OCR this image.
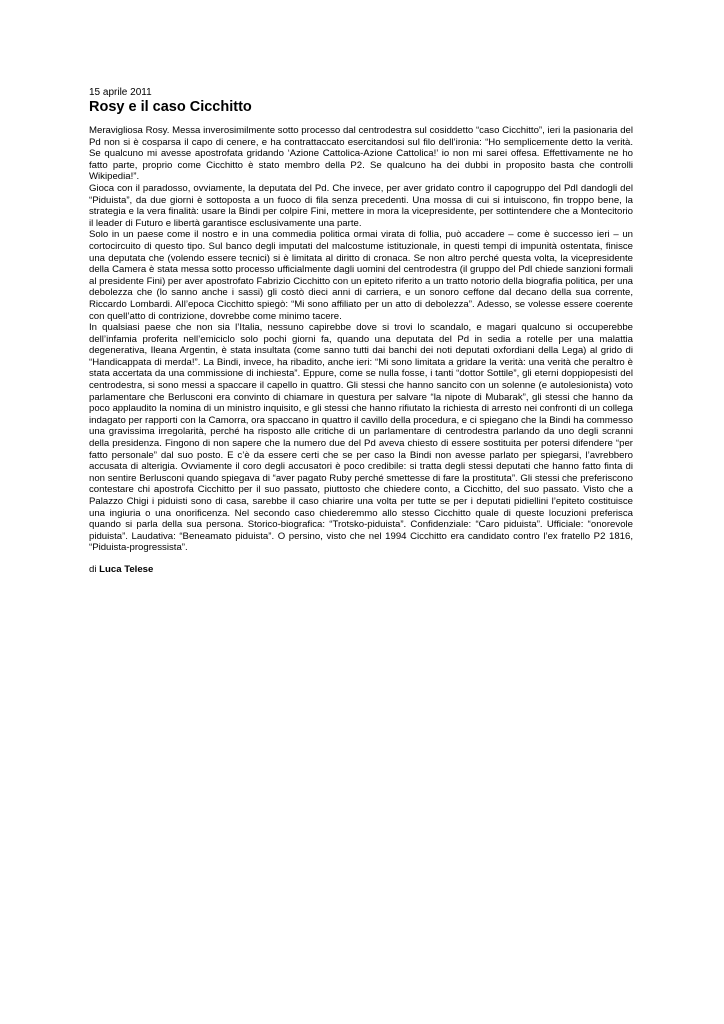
15 aprile 2011

Rosy e il caso Cicchitto

Meravigliosa Rosy. Messa inverosimilmente sotto processo dal centrodestra sul cosiddetto “caso Cicchitto”, ieri la pasionaria del Pd non si è cosparsa il capo di cenere, e ha contrattaccato esercitandosi sul filo dell’ironia: “Ho semplicemente detto la verità. Se qualcuno mi avesse apostrofata gridando ‘Azione Cattolica-Azione Cattolica!’ io non mi sarei offesa. Effettivamente ne ho fatto parte, proprio come Cicchitto è stato membro della P2. Se qualcuno ha dei dubbi in proposito basta che controlli Wikipedia!”.

Gioca con il paradosso, ovviamente, la deputata del Pd. Che invece, per aver gridato contro il capogruppo del Pdl dandogli del “Piduista”, da due giorni è sottoposta a un fuoco di fila senza precedenti. Una mossa di cui si intuiscono, fin troppo bene, la strategia e la vera finalità: usare la Bindi per colpire Fini, mettere in mora la vicepresidente, per sottintendere che a Montecitorio il leader di Futuro e libertà garantisce esclusivamente una parte.

Solo in un paese come il nostro e in una commedia politica ormai virata di follia, può accadere – come è successo ieri – un cortocircuito di questo tipo. Sul banco degli imputati del malcostume istituzionale, in questi tempi di impunità ostentata, finisce una deputata che (volendo essere tecnici) si è limitata al diritto di cronaca. Se non altro perché questa volta, la vicepresidente della Camera è stata messa sotto processo ufficialmente dagli uomini del centrodestra (il gruppo del Pdl chiede sanzioni formali al presidente Fini) per aver apostrofato Fabrizio Cicchitto con un epiteto riferito a un tratto notorio della biografia politica, per una debolezza che (lo sanno anche i sassi) gli costò dieci anni di carriera, e un sonoro ceffone dal decano della sua corrente, Riccardo Lombardi. All’epoca Cicchitto spiegò: “Mi sono affiliato per un atto di debolezza”. Adesso, se volesse essere coerente con quell’atto di contrizione, dovrebbe come minimo tacere.

In qualsiasi paese che non sia l’Italia, nessuno capirebbe dove si trovi lo scandalo, e magari qualcuno si occuperebbe dell’infamia proferita nell’emiciclo solo pochi giorni fa, quando una deputata del Pd in sedia a rotelle per una malattia degenerativa, Ileana Argentin, è stata insultata (come sanno tutti dai banchi dei noti deputati oxfordiani della Lega) al grido di “Handicappata di merda!”. La Bindi, invece, ha ribadito, anche ieri: “Mi sono limitata a gridare la verità: una verità che peraltro è stata accertata da una commissione di inchiesta”. Eppure, come se nulla fosse, i tanti “dottor Sottile”, gli eterni doppiopesisti del centrodestra, si sono messi a spaccare il capello in quattro. Gli stessi che hanno sancito con un solenne (e autolesionista) voto parlamentare che Berlusconi era convinto di chiamare in questura per salvare “la nipote di Mubarak”, gli stessi che hanno da poco applaudito la nomina di un ministro inquisito, e gli stessi che hanno rifiutato la richiesta di arresto nei confronti di un collega indagato per rapporti con la Camorra, ora spaccano in quattro il cavillo della procedura, e ci spiegano che la Bindi ha commesso una gravissima irregolarità, perché ha risposto alle critiche di un parlamentare di centrodestra parlando da uno degli scranni della presidenza. Fingono di non sapere che la numero due del Pd aveva chiesto di essere sostituita per potersi difendere “per fatto personale” dal suo posto. E c’è da essere certi che se per caso la Bindi non avesse parlato per spiegarsi, l’avrebbero accusata di alterigia. Ovviamente il coro degli accusatori è poco credibile: si tratta degli stessi deputati che hanno fatto finta di non sentire Berlusconi quando spiegava di “aver pagato Ruby perché smettesse di fare la prostituta”. Gli stessi che preferiscono contestare chi apostrofa Cicchitto per il suo passato, piuttosto che chiedere conto, a Cicchitto, del suo passato. Visto che a Palazzo Chigi i piduisti sono di casa, sarebbe il caso chiarire una volta per tutte se per i deputati pidiellini l’epiteto costituisce una ingiuria o una onorificenza. Nel secondo caso chiederemmo allo stesso Cicchitto quale di queste locuzioni preferisca quando si parla della sua persona. Storico-biografica: “Trotsko-piduista”. Confidenziale: “Caro piduista”. Ufficiale: “onorevole piduista”. Laudativa: “Beneamato piduista”. O persino, visto che nel 1994 Cicchitto era candidato contro l’ex fratello P2 1816, “Piduista-progressista”.

di Luca Telese
